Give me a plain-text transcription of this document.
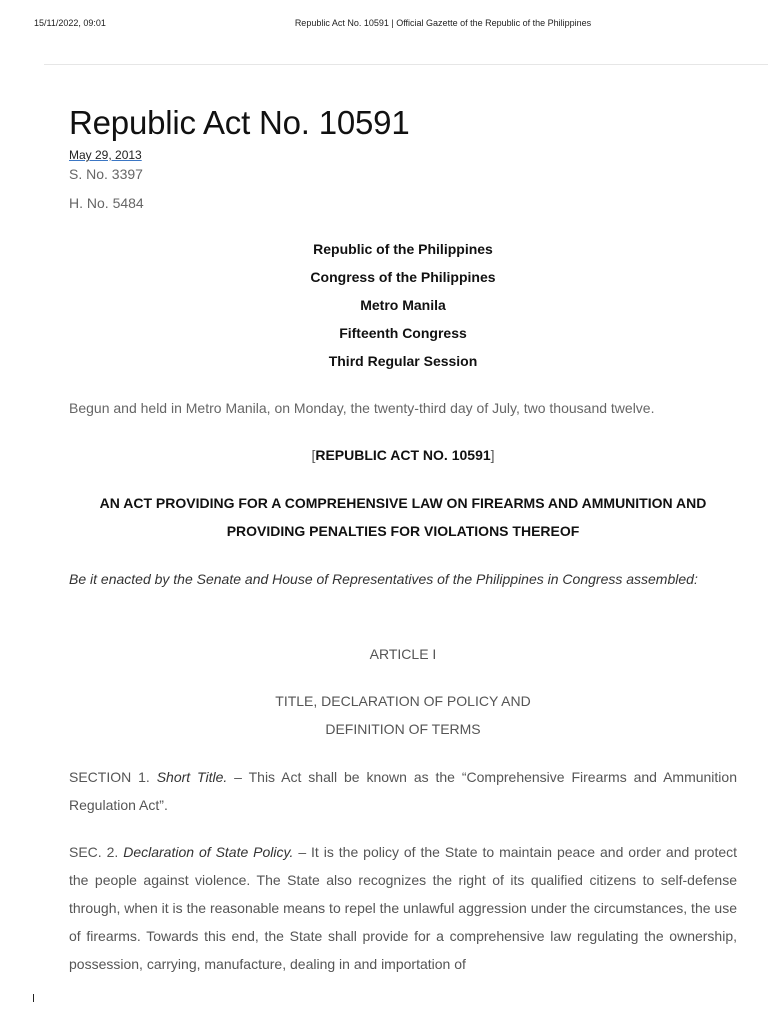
15/11/2022, 09:01	Republic Act No. 10591 | Official Gazette of the Republic of the Philippines
Republic Act No. 10591
May 29, 2013
S. No. 3397
H. No. 5484
Republic of the Philippines
Congress of the Philippines
Metro Manila
Fifteenth Congress
Third Regular Session
Begun and held in Metro Manila, on Monday, the twenty-third day of July, two thousand twelve.
[REPUBLIC ACT NO. 10591]

AN ACT PROVIDING FOR A COMPREHENSIVE LAW ON FIREARMS AND AMMUNITION AND PROVIDING PENALTIES FOR VIOLATIONS THEREOF

Be it enacted by the Senate and House of Representatives of the Philippines in Congress assembled:

ARTICLE I
TITLE, DECLARATION OF POLICY AND
DEFINITION OF TERMS

SECTION 1. Short Title. – This Act shall be known as the “Comprehensive Firearms and Ammunition Regulation Act”.

SEC. 2. Declaration of State Policy. – It is the policy of the State to maintain peace and order and protect the people against violence. The State also recognizes the right of its qualified citizens to self-defense through, when it is the reasonable means to repel the unlawful aggression under the circumstances, the use of firearms. Towards this end, the State shall provide for a comprehensive law regulating the ownership, possession, carrying, manufacture, dealing in and importation of
